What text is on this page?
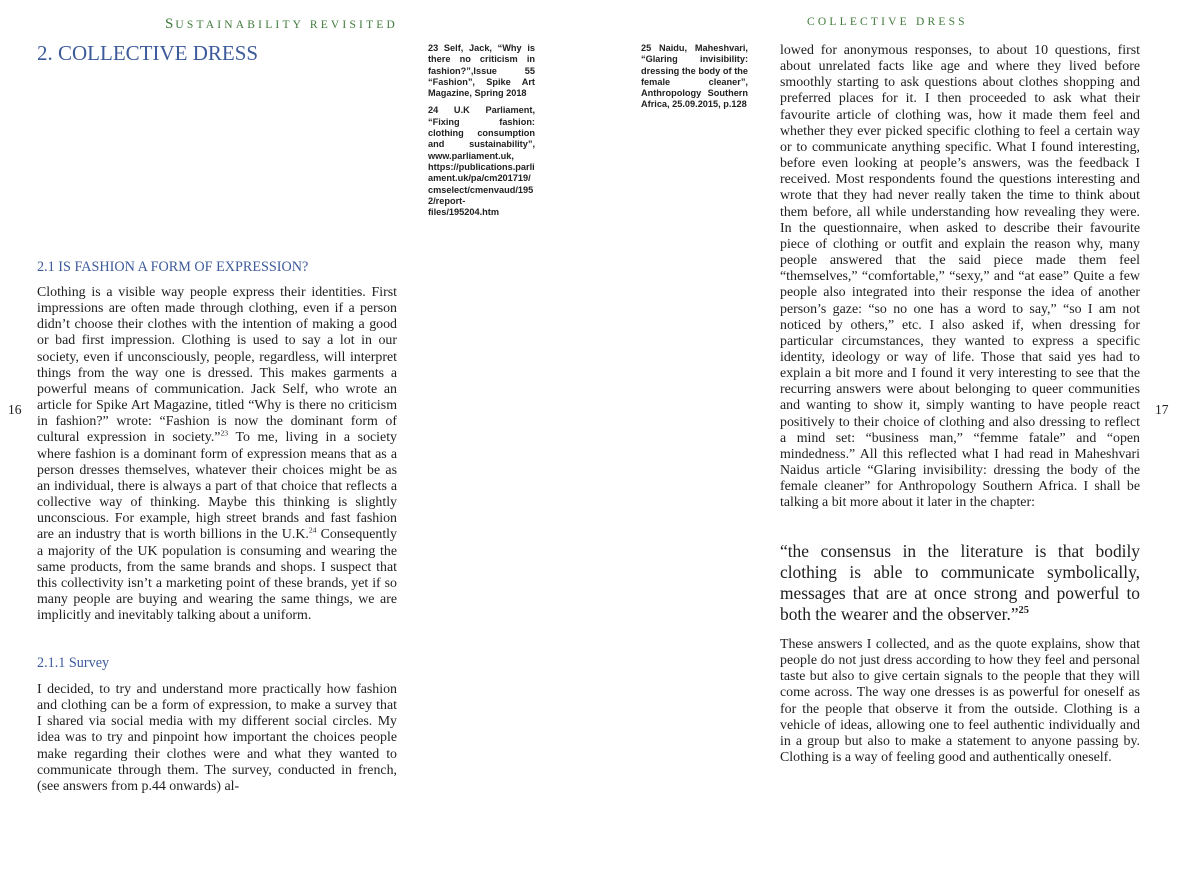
SUSTAINABILITY REVISITED
2. COLLECTIVE DRESS	23 Self, Jack, “Why is there no criticism in fashion?”,Issue 55 “Fashion”, Spike Art Magazine, Spring 2018
24 U.K Parliament, “Fixing fashion: clothing consumption and sustainability”, www.parliament.uk, https://publications.parliament.uk/pa/cm201719/cmselect/cmenvaud/1952/report-files/195204.htm
2.1 IS FASHION A FORM OF EXPRESSION?
Clothing is a visible way people express their identities. First impressions are often made through clothing, even if a person didn’t choose their clothes with the intention of making a good or bad first impression. Clothing is used to say a lot in our society, even if unconsciously, people, regardless, will interpret things from the way one is dressed. This makes garments a powerful means of communication. Jack Self, who wrote an article for Spike Art Magazine, titled “Why is there no criticism in fashion?” wrote: “Fashion is now the dominant form of cultural expression in society.”$^{23}$ To me, living in a society where fashion is a dominant form of expression means that as a person dresses themselves, whatever their choices might be as an individual, there is always a part of that choice that reflects a collective way of thinking. Maybe this thinking is slightly unconscious. For example, high street brands and fast fashion are an industry that is worth billions in the U.K.$^{24}$ Consequently a majority of the UK population is consuming and wearing the same products, from the same brands and shops. I suspect that this collectivity isn’t a marketing point of these brands, yet if so many people are buying and wearing the same things, we are implicitly and inevitably talking about a uniform.
16
2.1.1 Survey
I decided, to try and understand more practically how fashion and clothing can be a form of expression, to make a survey that I shared via social media with my different social circles. My idea was to try and pinpoint how important the choices people make regarding their clothes were and what they wanted to communicate through them. The survey, conducted in french, (see answers from p.44 onwards) al-
COLLECTIVE DRESS
25 Naidu, Maheshvari, “Glaring invisibility: dressing the body of the female cleaner”, Anthropology Southern Africa, 25.09.2015, p.128
lowed for anonymous responses, to about 10 questions, first about unrelated facts like age and where they lived before smoothly starting to ask questions about clothes shopping and preferred places for it. I then proceeded to ask what their favourite article of clothing was, how it made them feel and whether they ever picked specific clothing to feel a certain way or to communicate anything specific. What I found interesting, before even looking at people’s answers, was the feedback I received. Most respondents found the questions interesting and wrote that they had never really taken the time to think about them before, all while understanding how revealing they were. In the questionnaire, when asked to describe their favourite piece of clothing or outfit and explain the reason why, many people answered that the said piece made them feel “themselves,” “comfortable,” “sexy,” and “at ease” Quite a few people also integrated into their response the idea of another person’s gaze: “so no one has a word to say,” “so I am not noticed by others,” etc. I also asked if, when dressing for particular circumstances, they wanted to express a specific identity, ideology or way of life. Those that said yes had to explain a bit more and I found it very interesting to see that the recurring answers were about belonging to queer communities and wanting to show it, simply wanting to have people react positively to their choice of clothing and also dressing to reflect a mind set: “business man,” “femme fatale” and “open mindedness.” All this reflected what I had read in Maheshvari Naidus article “Glaring invisibility: dressing the body of the female cleaner” for Anthropology Southern Africa. I shall be talking a bit more about it later in the chapter:
17
“the consensus in the literature is that bodily clothing is able to communicate symbolically, messages that are at once strong and powerful to both the wearer and the observer.”$^{25}$
These answers I collected, and as the quote explains, show that people do not just dress according to how they feel and personal taste but also to give certain signals to the people that they will come across. The way one dresses is as powerful for oneself as for the people that observe it from the outside. Clothing is a vehicle of ideas, allowing one to feel authentic individually and in a group but also to make a statement to anyone passing by. Clothing is a way of feeling good and authentically oneself.
